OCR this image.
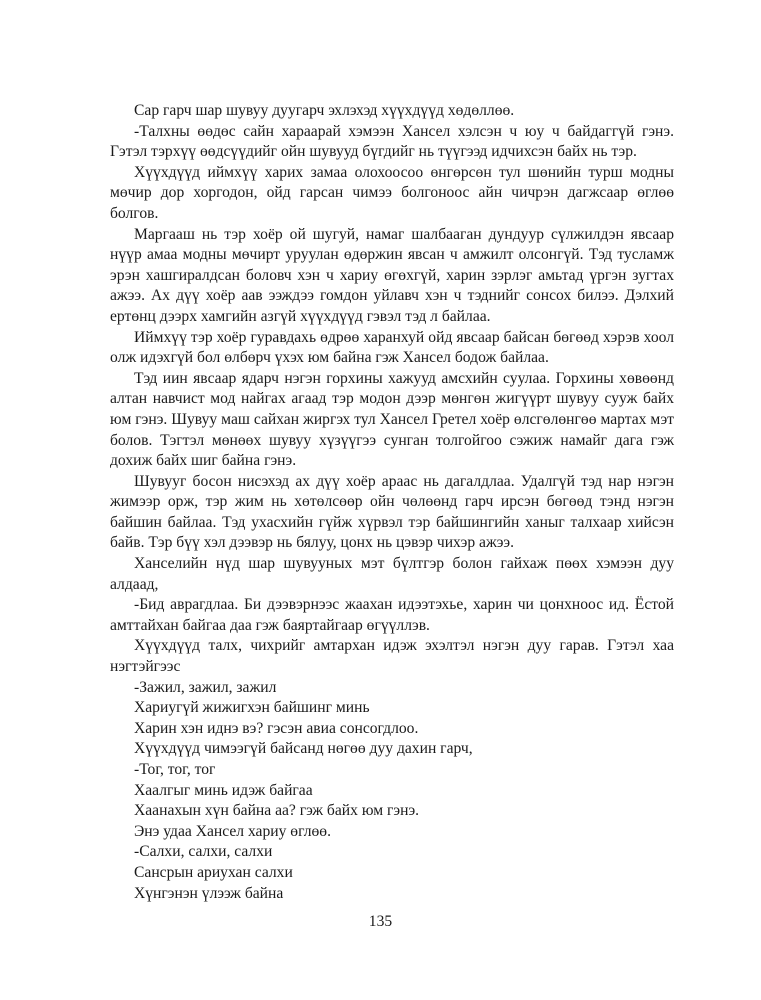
Сар гарч шар шувуу дуугарч эхлэхэд хүүхдүүд хөдөллөө.

-Талхны өөдөс сайн хараарай хэмээн Хансел хэлсэн ч юу ч байдаггүй гэнэ. Гэтэл тэрхүү өөдсүүдийг ойн шувууд бүгдийг нь түүгээд идчихсэн байх нь тэр.

Хүүхдүүд иймхүү харих замаа олохоосоо өнгөрсөн тул шөнийн турш модны мөчир дор хоргодон, ойд гарсан чимээ болгоноос айн чичрэн дагжсаар өглөө болгов.

Маргааш нь тэр хоёр ой шугуй, намаг шалбааган дундуур сүлжилдэн явсаар нүүр амаа модны мөчирт уруулан өдөржин явсан ч амжилт олсонгүй. Тэд тусламж эрэн хашгиралдсан боловч хэн ч хариу өгөхгүй, харин зэрлэг амьтад үргэн зугтах ажээ. Ах дүү хоёр аав ээждээ гомдон уйлавч хэн ч тэднийг сонсох билээ. Дэлхий ертөнц дээрх хамгийн азгүй хүүхдүүд гэвэл тэд л байлаа.

Иймхүү тэр хоёр гуравдахь өдрөө харанхуй ойд явсаар байсан бөгөөд хэрэв хоол олж идэхгүй бол өлбөрч үхэх юм байна гэж Хансел бодож байлаа.

Тэд иин явсаар ядарч нэгэн горхины хажууд амсхийн суулаа. Горхины хөвөөнд алтан навчист мод найгах агаад тэр модон дээр мөнгөн жигүүрт шувуу сууж байх юм гэнэ. Шувуу маш сайхан жиргэх тул Хансел Гретел хоёр өлсгөлөнгөө мартах мэт болов. Тэгтэл мөнөөх шувуу хүзүүгээ сунган толгойгоо сэжиж намайг дага гэж дохиж байх шиг байна гэнэ.

Шувууг босон нисэхэд ах дүү хоёр араас нь дагалдлаа. Удалгүй тэд нар нэгэн жимээр орж, тэр жим нь хөтөлсөөр ойн чөлөөнд гарч ирсэн бөгөөд тэнд нэгэн байшин байлаа. Тэд ухасхийн гүйж хүрвэл тэр байшингийн ханыг талхаар хийсэн байв. Тэр бүү хэл дээвэр нь бялуу, цонх нь цэвэр чихэр ажээ.

Ханселийн нүд шар шувууных мэт бүлтгэр болон гайхаж пөөх хэмээн дуу алдаад,

-Бид аврагдлаа. Би дээвэрнээс жаахан идээтэхье, харин чи цонхноос ид. Ёстой амттайхан байгаа даа гэж баяртайгаар өгүүллэв.

Хүүхдүүд талх, чихрийг амтархан идэж эхэлтэл нэгэн дуу гарав. Гэтэл хаа нэгтэйгээс

-Зажил, зажил, зажил

Хариугүй жижигхэн байшинг минь

Харин хэн иднэ вэ? гэсэн авиа сонсогдлоо.

Хүүхдүүд чимээгүй байсанд нөгөө дуу дахин гарч,

-Тог, тог, тог

Хаалгыг минь идэж байгаа

Хаанахын хүн байна аа? гэж байх юм гэнэ.

Энэ удаа Хансел хариу өглөө.

-Салхи, салхи, салхи

Сансрын ариухан салхи

Хүнгэнэн үлээж байна

135
